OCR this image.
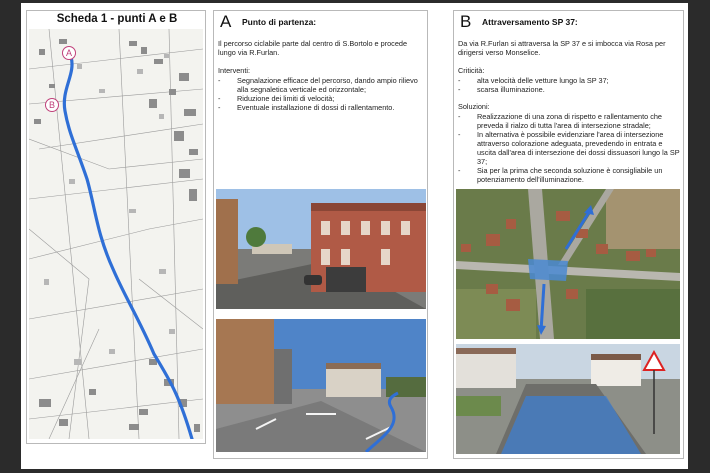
Scheda 1 - punti A e B
A
B
A Punto di partenza:
Il percorso ciclabile parte dal centro di S.Bortolo e procede lungo via R.Furlan.
Interventi:
- Segnalazione efficace del percorso, dando ampio rilievo alla segnaletica verticale ed orizzontale;
- Riduzione dei limiti di velocità;
- Eventuale installazione di dossi di rallentamento.
B Attraversamento SP 37:
Da via R.Furlan si attraversa la SP 37 e si imbocca via Rosa per dirigersi verso Monselice.
Criticità:
- alta velocità delle vetture lungo la SP 37;
- scarsa illuminazione.
Soluzioni:
- Realizzazione di una zona di rispetto e rallentamento che preveda il rialzo di tutta l'area di intersezione stradale;
- In alternativa è possibile evidenziare l'area di intersezione attraverso colorazione adeguata, prevedendo in entrata e uscita dall'area di intersezione dei dossi dissuasori lungo la SP 37;
- Sia per la prima che seconda soluzione è consigliabile un potenziamento dell'illuminazione.
